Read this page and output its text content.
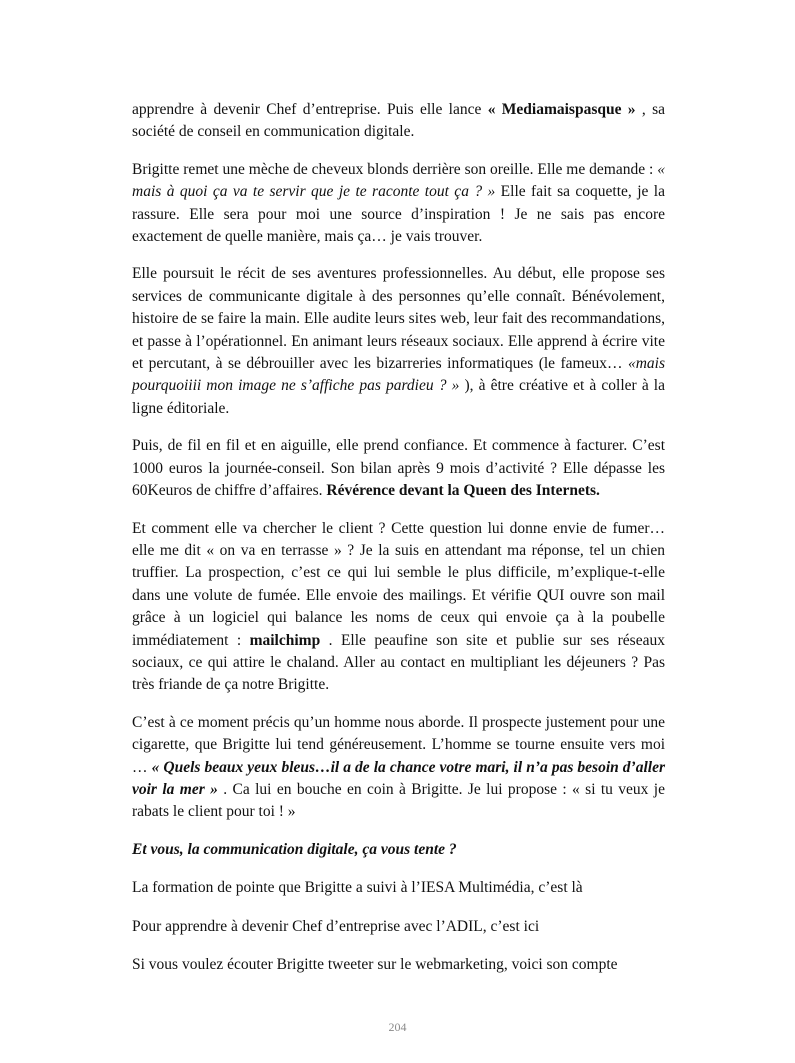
apprendre à devenir Chef d’entreprise. Puis elle lance « Mediamaispasque » , sa société de conseil en communication digitale.

Brigitte remet une mèche de cheveux blonds derrière son oreille. Elle me demande : « mais à quoi ça va te servir que je te raconte tout ça ? » Elle fait sa coquette, je la rassure. Elle sera pour moi une source d’inspiration ! Je ne sais pas encore exactement de quelle manière, mais ça… je vais trouver.

Elle poursuit le récit de ses aventures professionnelles. Au début, elle propose ses services de communicante digitale à des personnes qu’elle connaît. Bénévolement, histoire de se faire la main. Elle audite leurs sites web, leur fait des recommandations, et passe à l’opérationnel. En animant leurs réseaux sociaux. Elle apprend à écrire vite et percutant, à se débrouiller avec les bizarreries informatiques (le fameux… «mais pourquoiiii mon image ne s’affiche pas pardieu ? » ), à être créative et à coller à la ligne éditoriale.

Puis, de fil en fil et en aiguille, elle prend confiance. Et commence à facturer. C’est 1000 euros la journée-conseil. Son bilan après 9 mois d’activité ? Elle dépasse les 60Keuros de chiffre d’affaires. Révérence devant la Queen des Internets.

Et comment elle va chercher le client ? Cette question lui donne envie de fumer… elle me dit « on va en terrasse » ? Je la suis en attendant ma réponse, tel un chien truffier. La prospection, c’est ce qui lui semble le plus difficile, m’explique-t-elle dans une volute de fumée. Elle envoie des mailings. Et vérifie QUI ouvre son mail grâce à un logiciel qui balance les noms de ceux qui envoie ça à la poubelle immédiatement : mailchimp . Elle peaufine son site et publie sur ses réseaux sociaux, ce qui attire le chaland. Aller au contact en multipliant les déjeuners ? Pas très friande de ça notre Brigitte.

C’est à ce moment précis qu’un homme nous aborde. Il prospecte justement pour une cigarette, que Brigitte lui tend généreusement. L’homme se tourne ensuite vers moi … « Quels beaux yeux bleus…il a de la chance votre mari, il n’a pas besoin d’aller voir la mer » . Ca lui en bouche en coin à Brigitte. Je lui propose : « si tu veux je rabats le client pour toi ! »

Et vous, la communication digitale, ça vous tente ?

La formation de pointe que Brigitte a suivi à l’IESA Multimédia, c’est là

Pour apprendre à devenir Chef d’entreprise avec l’ADIL, c’est ici

Si vous voulez écouter Brigitte tweeter sur le webmarketing, voici son compte

204
